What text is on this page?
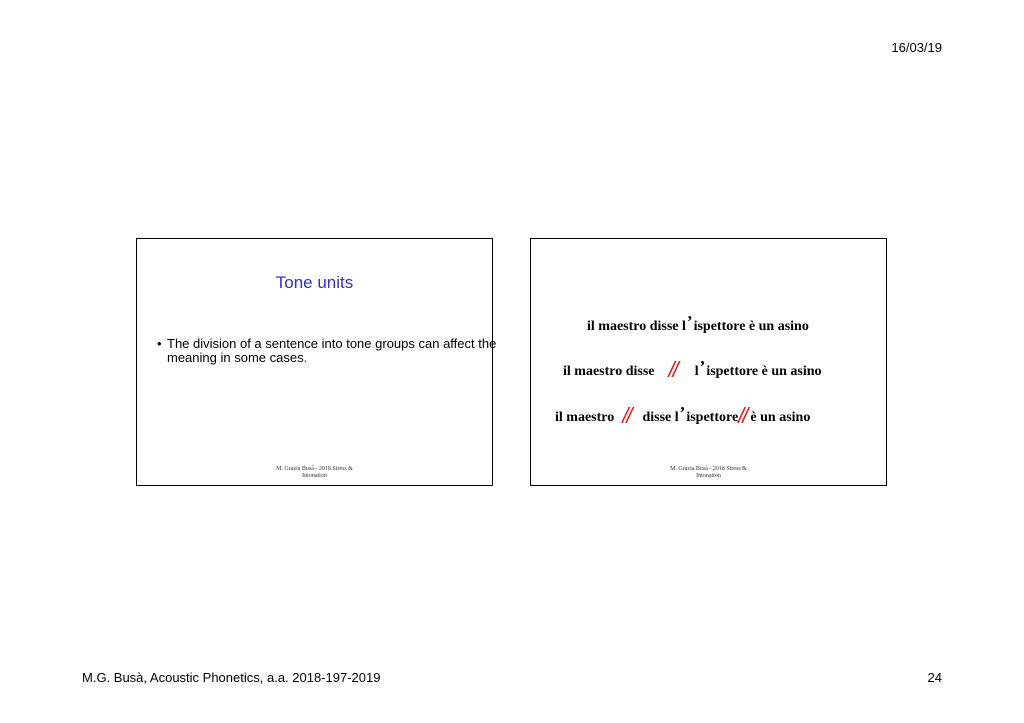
16/03/19
Tone units
• The division of a sentence into tone groups can affect the meaning in some cases.
M. Grazia Busà - 2018 Stress &
Intonation
il maestro disse l’ispettore è un asino
il maestro disse // l’ispettore è un asino
il maestro // disse l’ispettore// è un asino
M. Grazia Busà - 2018 Stress &
Intonation
M.G. Busà, Acoustic Phonetics, a.a. 2018-197-2019	24
